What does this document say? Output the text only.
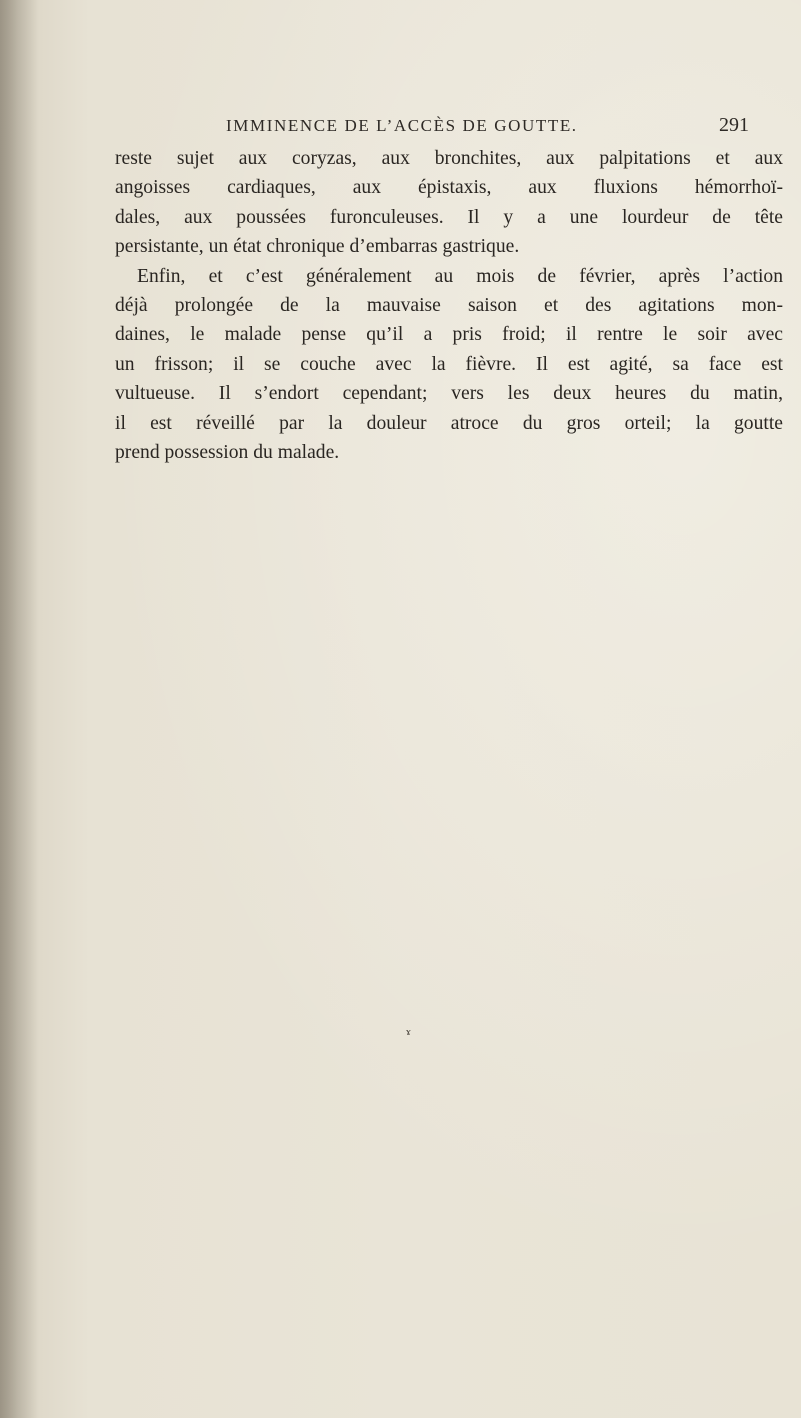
IMMINENCE DE L’ACCÈS DE GOUTTE.	291
reste sujet aux coryzas, aux bronchites, aux palpitations et aux
angoisses cardiaques, aux épistaxis, aux fluxions hémorrhoï-
dales, aux poussées furonculeuses. Il y a une lourdeur de tête
persistante, un état chronique d’embarras gastrique.
Enfin, et c’est généralement au mois de février, après l’action
déjà prolongée de la mauvaise saison et des agitations mon-
daines, le malade pense qu’il a pris froid; il rentre le soir avec
un frisson; il se couche avec la fièvre. Il est agité, sa face est
vultueuse. Il s’endort cependant; vers les deux heures du matin,
il est réveillé par la douleur atroce du gros orteil; la goutte
prend possession du malade.
ɤ
